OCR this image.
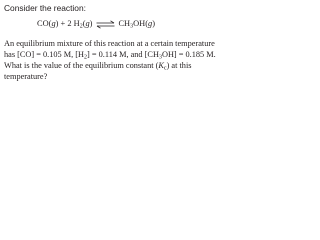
Consider the reaction:
CO(g)
+
2 $H_2(g)$ ⇌ $CH_3OH(g)$
An equilibrium mixture of this reaction at a certain temperature
has [CO] = 0.105 M, $[H_2] = 0.114$ M, and $[CH_3OH] = 0.185$ M.
What is the value of the equilibrium constant $(K_c)$ at this
temperature?
